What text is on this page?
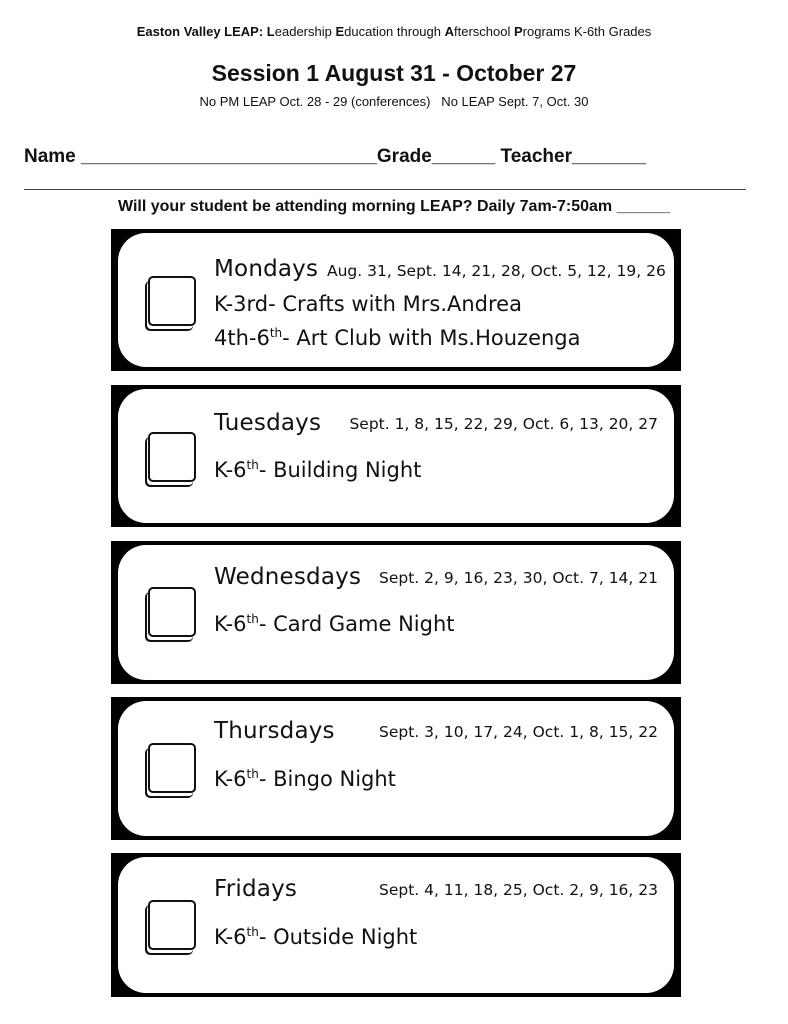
Easton Valley LEAP: Leadership Education through Afterschool Programs K-6th Grades
Session 1 August 31 - October 27
No PM LEAP Oct. 28 - 29 (conferences)   No LEAP Sept. 7, Oct. 30
Name ____________________________Grade______ Teacher_______
Will your student be attending morning LEAP? Daily 7am-7:50am ______
Mondays Aug. 31, Sept. 14, 21, 28, Oct. 5, 12, 19, 26
K-3rd- Crafts with Mrs.Andrea
4th-6th- Art Club with Ms.Houzenga
Tuesdays Sept. 1, 8, 15, 22, 29, Oct. 6, 13, 20, 27
K-6th- Building Night
Wednesdays Sept. 2, 9, 16, 23, 30, Oct. 7, 14, 21
K-6th- Card Game Night
Thursdays	Sept. 3, 10, 17, 24, Oct. 1, 8, 15, 22
K-6th- Bingo Night
Fridays	Sept. 4, 11, 18, 25, Oct. 2, 9, 16, 23
K-6th- Outside Night
